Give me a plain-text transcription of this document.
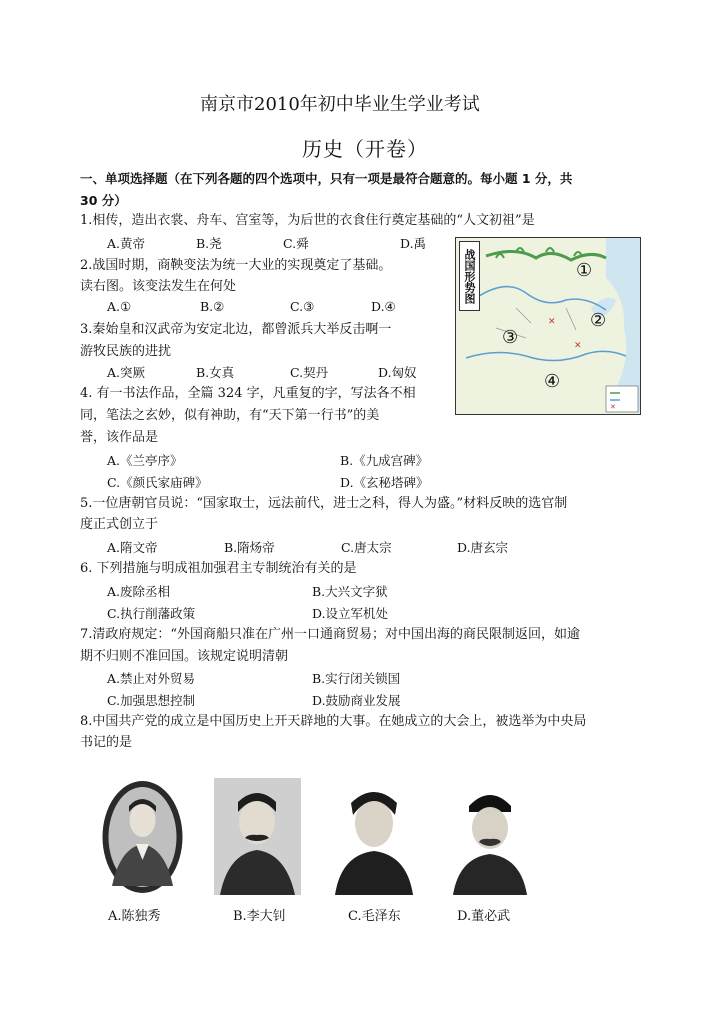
南京市2010年初中毕业生学业考试
历史（开卷）
一、单项选择题（在下列各题的四个选项中，只有一项是最符合题意的。每小题 1 分，共
30 分）
1.相传，造出衣裳、舟车、宫室等，为后世的衣食住行奠定基础的“人文初祖”是
A.黄帝	B.尧	C.舜	D.禹
2.战国时期，商鞅变法为统一大业的实现奠定了基础。
读右图。该变法发生在何处
A.①	B.②	C.③	D.④
3.秦始皇和汉武帝为安定北边，都曾派兵大举反击啊一
游牧民族的进扰
A.突厥	B.女真	C.契丹	D.匈奴
4. 有一书法作品，全篇 324 字，凡重复的字，写法各不相
同，笔法之玄妙，似有神助，有“天下第一行书”的美
誉，该作品是
A.《兰亭序》	B.《九成宫碑》
C.《颜氏家庙碑》	D.《玄秘塔碑》
5.一位唐朝官员说：“国家取士，远法前代，进士之科，得人为盛。”材料反映的选官制
度正式创立于
A.隋文帝	B.隋炀帝	C.唐太宗	D.唐玄宗
6. 下列措施与明成祖加强君主专制统治有关的是
A.废除丞相	B.大兴文字狱
C.执行削藩政策	D.设立军机处
7.清政府规定：“外国商船只准在广州一口通商贸易；对中国出海的商民限制返回，如逾
期不归则不准回国。该规定说明清朝
A.禁止对外贸易	B.实行闭关锁国
C.加强思想控制	D.鼓励商业发展
8.中国共产党的成立是中国历史上开天辟地的大事。在她成立的大会上，被选举为中央局
书记的是
✕
✕
✕
战国形势图	①
②
③
④
A.陈独秀	B.李大钊	C.毛泽东	D.董必武
